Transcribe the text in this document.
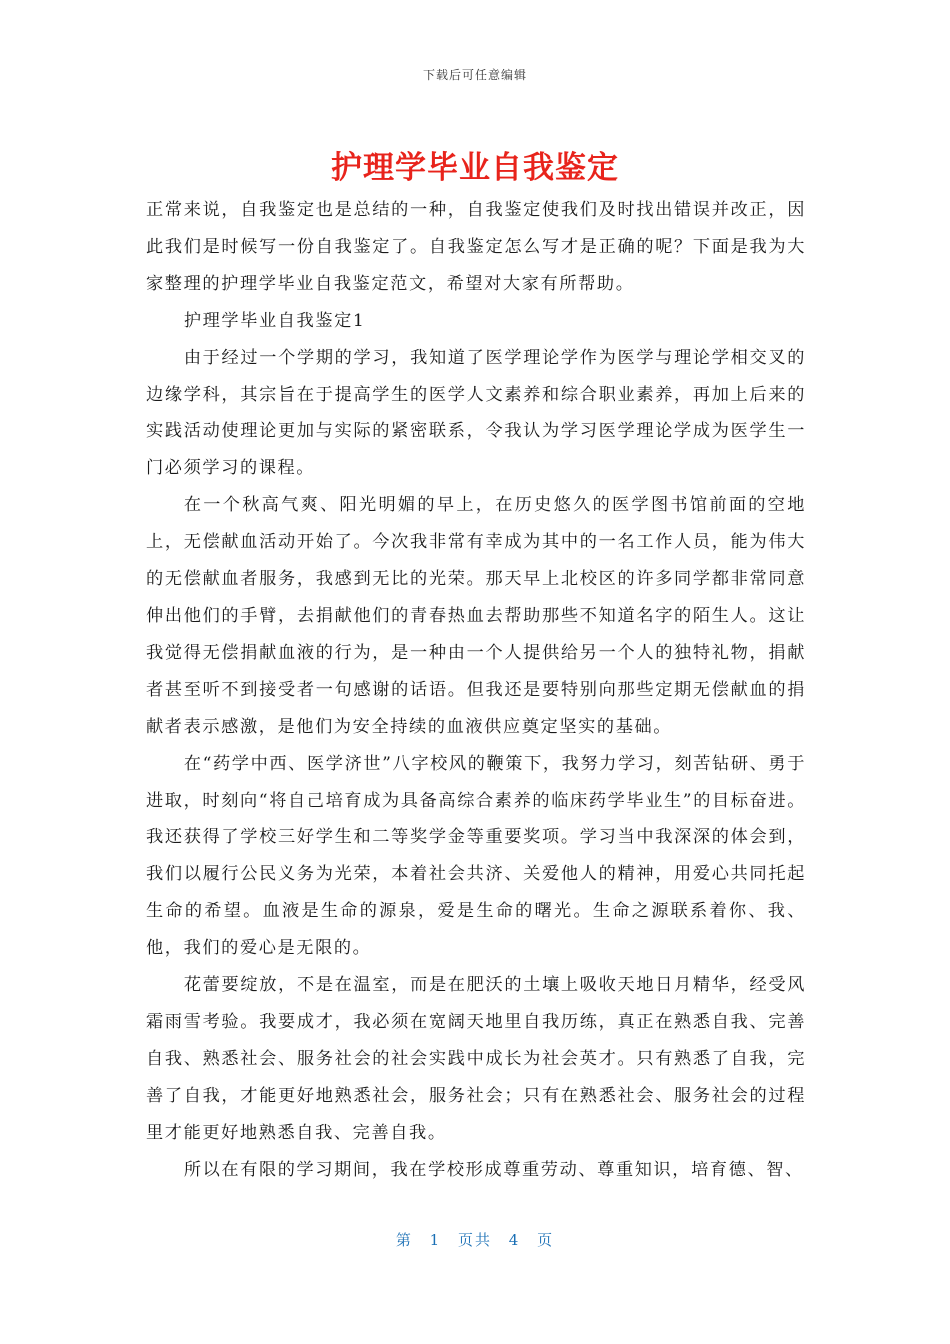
下载后可任意编辑
护理学毕业自我鉴定

正常来说，自我鉴定也是总结的一种，自我鉴定使我们及时找出错误并改正，因此我们是时候写一份自我鉴定了。自我鉴定怎么写才是正确的呢？下面是我为大家整理的护理学毕业自我鉴定范文，希望对大家有所帮助。

护理学毕业自我鉴定1

由于经过一个学期的学习，我知道了医学理论学作为医学与理论学相交叉的边缘学科，其宗旨在于提高学生的医学人文素养和综合职业素养，再加上后来的实践活动使理论更加与实际的紧密联系，令我认为学习医学理论学成为医学生一门必须学习的课程。

在一个秋高气爽、阳光明媚的早上，在历史悠久的医学图书馆前面的空地上，无偿献血活动开始了。今次我非常有幸成为其中的一名工作人员，能为伟大的无偿献血者服务，我感到无比的光荣。那天早上北校区的许多同学都非常同意伸出他们的手臂，去捐献他们的青春热血去帮助那些不知道名字的陌生人。这让我觉得无偿捐献血液的行为，是一种由一个人提供给另一个人的独特礼物，捐献者甚至听不到接受者一句感谢的话语。但我还是要特别向那些定期无偿献血的捐献者表示感激，是他们为安全持续的血液供应奠定坚实的基础。

在“药学中西、医学济世”八字校风的鞭策下，我努力学习，刻苦钻研、勇于进取，时刻向“将自己培育成为具备高综合素养的临床药学毕业生”的目标奋进。我还获得了学校三好学生和二等奖学金等重要奖项。学习当中我深深的体会到，我们以履行公民义务为光荣，本着社会共济、关爱他人的精神，用爱心共同托起生命的希望。血液是生命的源泉，爱是生命的曙光。生命之源联系着你、我、他，我们的爱心是无限的。

花蕾要绽放，不是在温室，而是在肥沃的土壤上吸收天地日月精华，经受风霜雨雪考验。我要成才，我必须在宽阔天地里自我历练，真正在熟悉自我、完善自我、熟悉社会、服务社会的社会实践中成长为社会英才。只有熟悉了自我，完善了自我，才能更好地熟悉社会，服务社会；只有在熟悉社会、服务社会的过程里才能更好地熟悉自我、完善自我。

所以在有限的学习期间，我在学校形成尊重劳动、尊重知识，培育德、智、

第 1 页共 4 页
